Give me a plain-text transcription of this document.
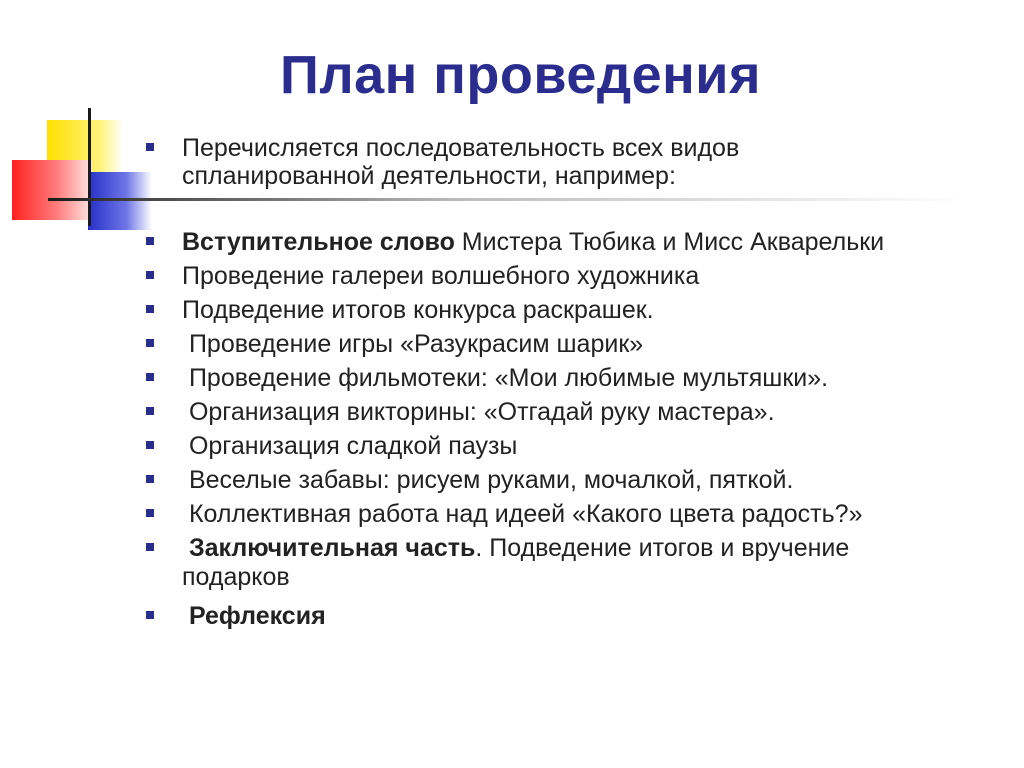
План проведения
Перечисляется последовательность всех видов
спланированной деятельности, например:
Вступительное слово Мистера Тюбика и Мисс Акварельки
Проведение галереи волшебного художника
Подведение итогов конкурса раскрашек.
Проведение игры «Разукрасим шарик»
Проведение фильмотеки: «Мои любимые мультяшки».
Организация викторины: «Отгадай руку мастера».
Организация сладкой паузы
Веселые забавы: рисуем руками, мочалкой, пяткой.
Коллективная работа над идеей «Какого цвета радость?»
Заключительная часть. Подведение итогов и вручение
подарков
Рефлексия
